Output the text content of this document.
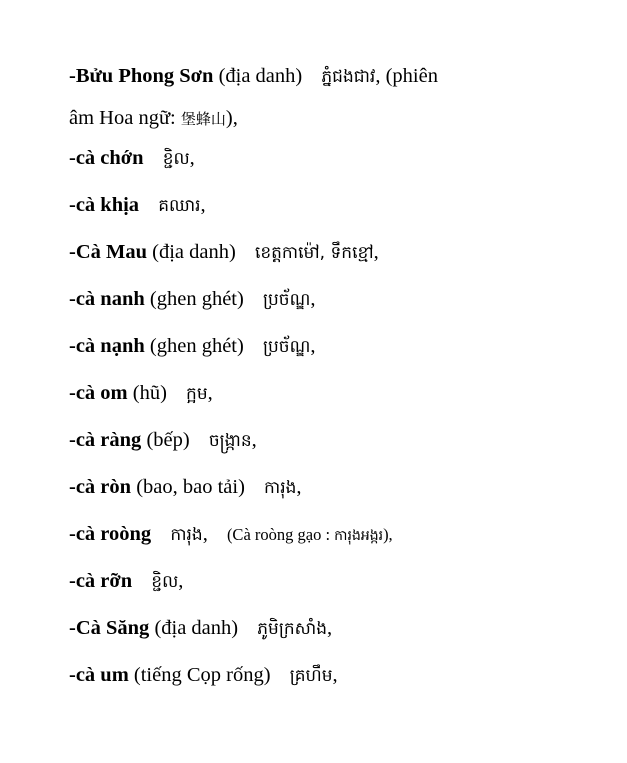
-Bửu Phong Sơn (địa danh) ភ្នំជងជាវ, (phiên
âm Hoa ngữ: 堡蜂山),
-cà chớn ខ្ជិល,
-cà khịa គឈារ,
-Cà Mau (địa danh) ខេត្តកាម៉ៅ, ទឹកខ្មៅ,
-cà nanh (ghen ghét) ប្រច័ណ្ឌ,
-cà nạnh (ghen ghét) ប្រច័ណ្ឌ,
-cà om (hũ) ក្អម,
-cà ràng (bếp) ចង្ក្រាន,
-cà ròn (bao, bao tải) ការុង,
-cà roòng ការុង, (Cà roòng gạo : ការុងអង្ករ),
-cà rỡn ខ្ជិល,
-Cà Săng (địa danh) ភូមិក្រសាំង,
-cà um (tiếng Cọp rống) គ្រហឹម,
